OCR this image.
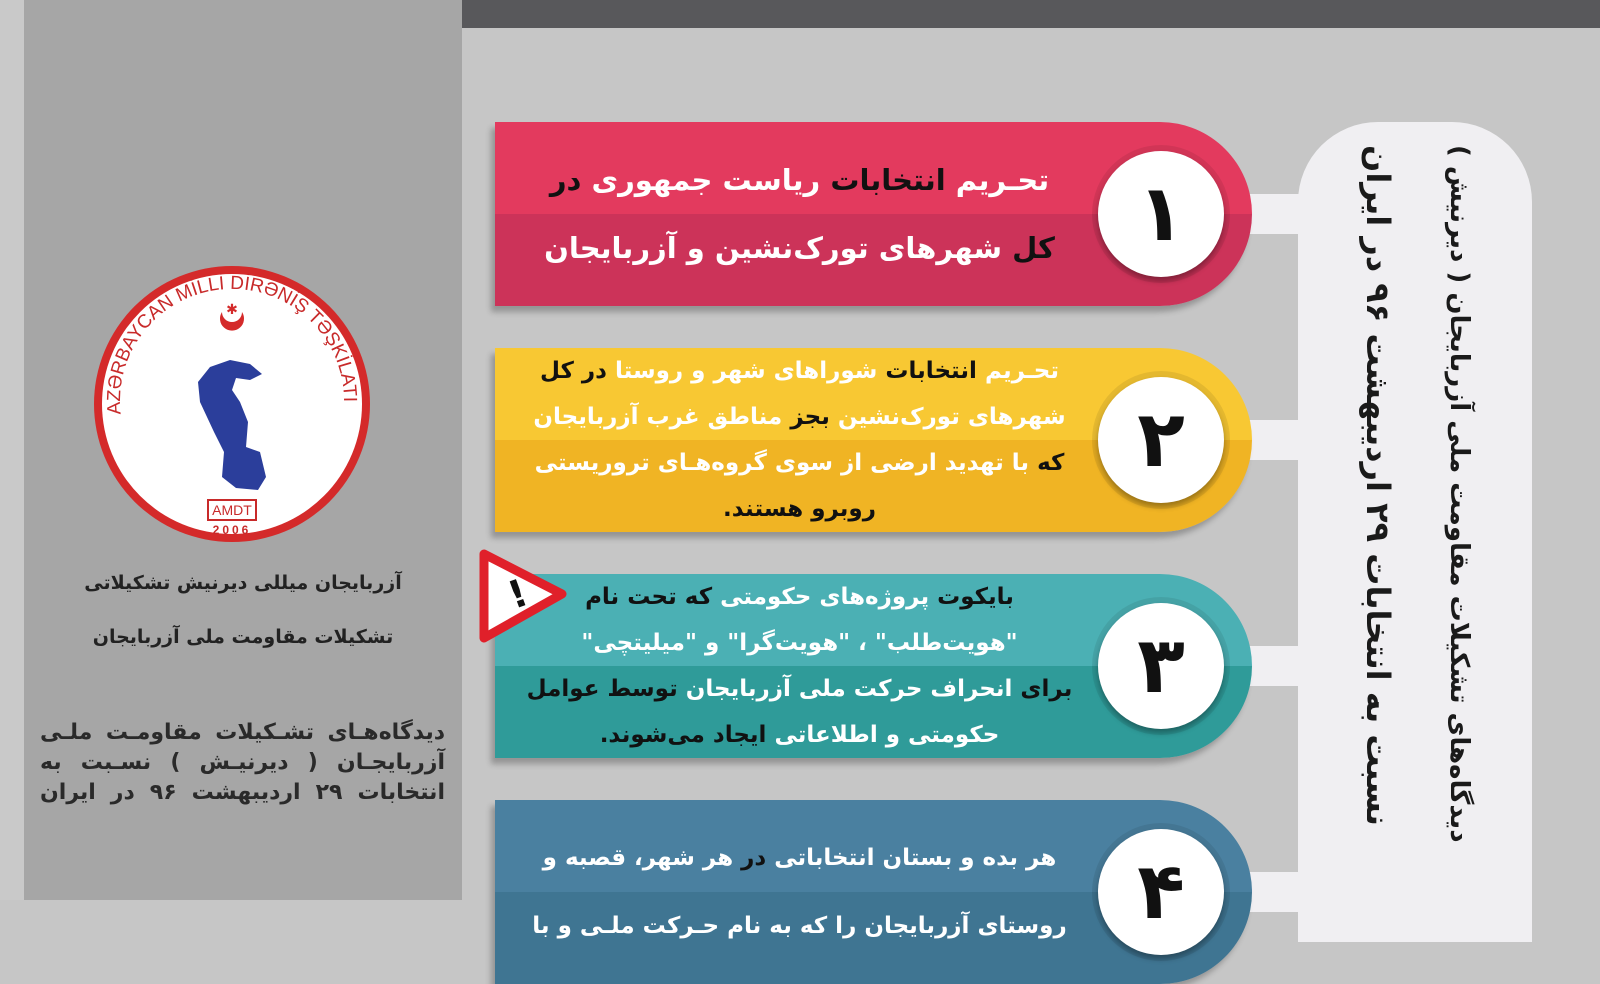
AZƏRBAYCAN MİLLİ DİRƏNİŞ TƏŞKİLATI
✱
AMDT
2006
آزربایجان میللی دیرنیش تشکیلاتی
تشکیلات مقاومت ملی آزربایجان
دیدگاه‌هـای تشـکیلات مقاومـت ملـی آزربایجـان ( دیرنیـش ) نسـبت به انتخابات ۲۹ اردیبهشت ۹۶ در ایران
نسبت به انتخابات ۲۹ اردیبهشت ۹۶ در ایران دیدگاه‌های تشکیلات مقاومت ملی آزربایجان ( دیرنیش )
تحـریم انتخابات ریاست جمهوری در
کل شهرهای تورک‌نشین و آزربایجان	۱
تحـریم انتخابات شوراهای شهر و روستا در کل
شهرهای تورک‌نشین بجز مناطق غرب آزربایجان
که با تهدید ارضی از سوی گروه‌هـای تروریستی
روبرو هستند.
۲
بایکوت پروژه‌های حکومتی که تحت نام
"هویت‌طلب" ، "هویت‌گرا" و "میلیتچی"
برای انحراف حرکت ملی آزربایجان توسط عوامل
حکومتی و اطلاعاتی ایجاد می‌شوند.
۳
هر بده و بستان انتخاباتی در هر شهر، قصبه و
روستای آزربایجان را که به نام حـرکت ملـی و با ۴
!
